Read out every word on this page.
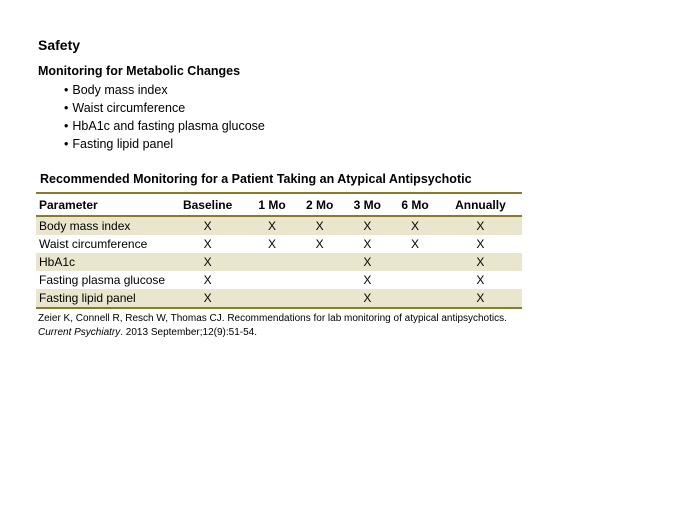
Safety
Monitoring for Metabolic Changes
• Body mass index
• Waist circumference
• HbA1c and fasting plasma glucose
• Fasting lipid panel
Recommended Monitoring for a Patient Taking an Atypical Antipsychotic
Parameter	Baseline	1 Mo	2 Mo	3 Mo	6 Mo	Annually
Body mass index	X	X	X	X	X	X
Waist circumference	X	X	X	X	X	X
HbA1c	X			X		X
Fasting plasma glucose	X			X		X
Fasting lipid panel	X			X		X
Zeier K, Connell R, Resch W, Thomas CJ. Recommendations for lab monitoring of atypical antipsychotics. Current Psychiatry. 2013 September;12(9):51-54.
